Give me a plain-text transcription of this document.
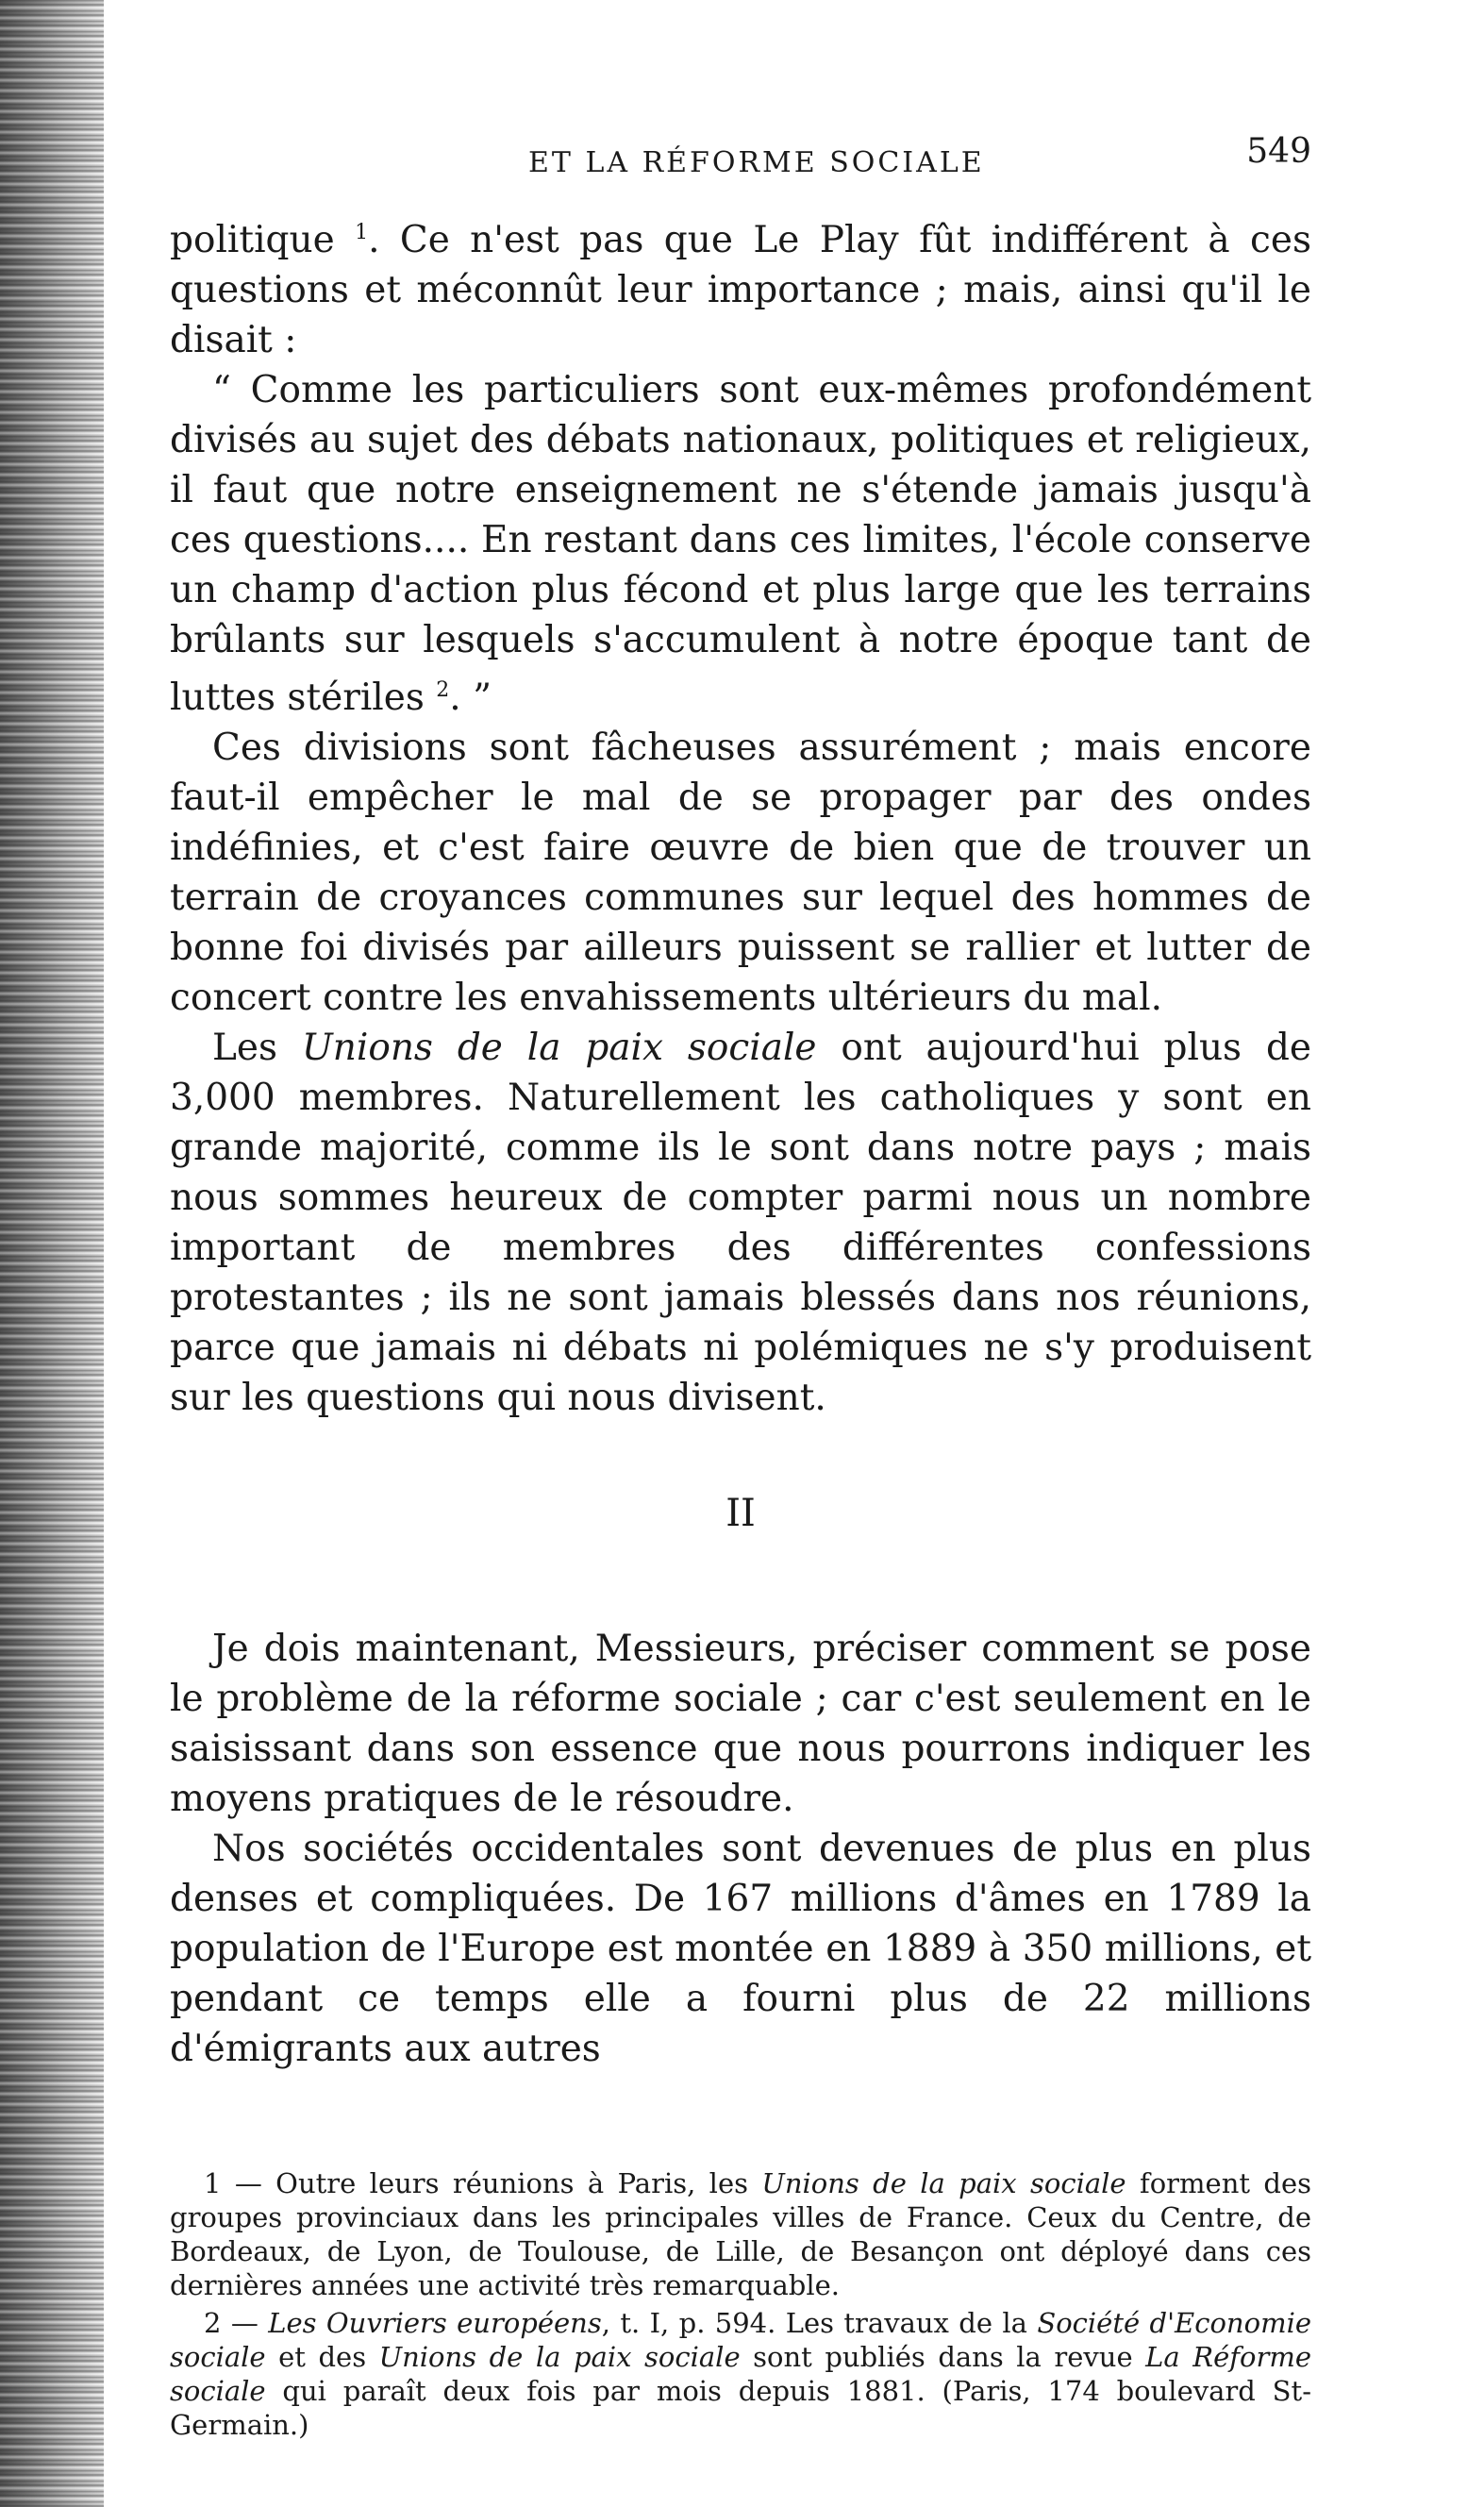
ET LA RÉFORME SOCIALE	549

politique $^1$. Ce n'est pas que Le Play fût indifférent à ces questions et méconnût leur importance ; mais, ainsi qu'il le disait :

“ Comme les particuliers sont eux-mêmes profondément divisés au sujet des débats nationaux, politiques et religieux, il faut que notre enseignement ne s'étende jamais jusqu'à ces questions.... En restant dans ces limites, l'école conserve un champ d'action plus fécond et plus large que les terrains brûlants sur lesquels s'accumulent à notre époque tant de luttes stériles $^2$. ”

Ces divisions sont fâcheuses assurément ; mais encore faut-il empêcher le mal de se propager par des ondes indéfinies, et c'est faire œuvre de bien que de trouver un terrain de croyances communes sur lequel des hommes de bonne foi divisés par ailleurs puissent se rallier et lutter de concert contre les envahissements ultérieurs du mal.

Les Unions de la paix sociale ont aujourd'hui plus de 3,000 membres. Naturellement les catholiques y sont en grande majorité, comme ils le sont dans notre pays ; mais nous sommes heureux de compter parmi nous un nombre important de membres des différentes confessions protestantes ; ils ne sont jamais blessés dans nos réunions, parce que jamais ni débats ni polémiques ne s'y produisent sur les questions qui nous divisent.

II

Je dois maintenant, Messieurs, préciser comment se pose le problème de la réforme sociale ; car c'est seulement en le saisissant dans son essence que nous pourrons indiquer les moyens pratiques de le résoudre.

Nos sociétés occidentales sont devenues de plus en plus denses et compliquées. De 167 millions d'âmes en 1789 la population de l'Europe est montée en 1889 à 350 millions, et pendant ce temps elle a fourni plus de 22 millions d'émigrants aux autres

1 — Outre leurs réunions à Paris, les Unions de la paix sociale forment des groupes provinciaux dans les principales villes de France. Ceux du Centre, de Bordeaux, de Lyon, de Toulouse, de Lille, de Besançon ont déployé dans ces dernières années une activité très remarquable.

2 — Les Ouvriers européens, t. I, p. 594. Les travaux de la Société d'Economie sociale et des Unions de la paix sociale sont publiés dans la revue La Réforme sociale qui paraît deux fois par mois depuis 1881. (Paris, 174 boulevard St-Germain.)
